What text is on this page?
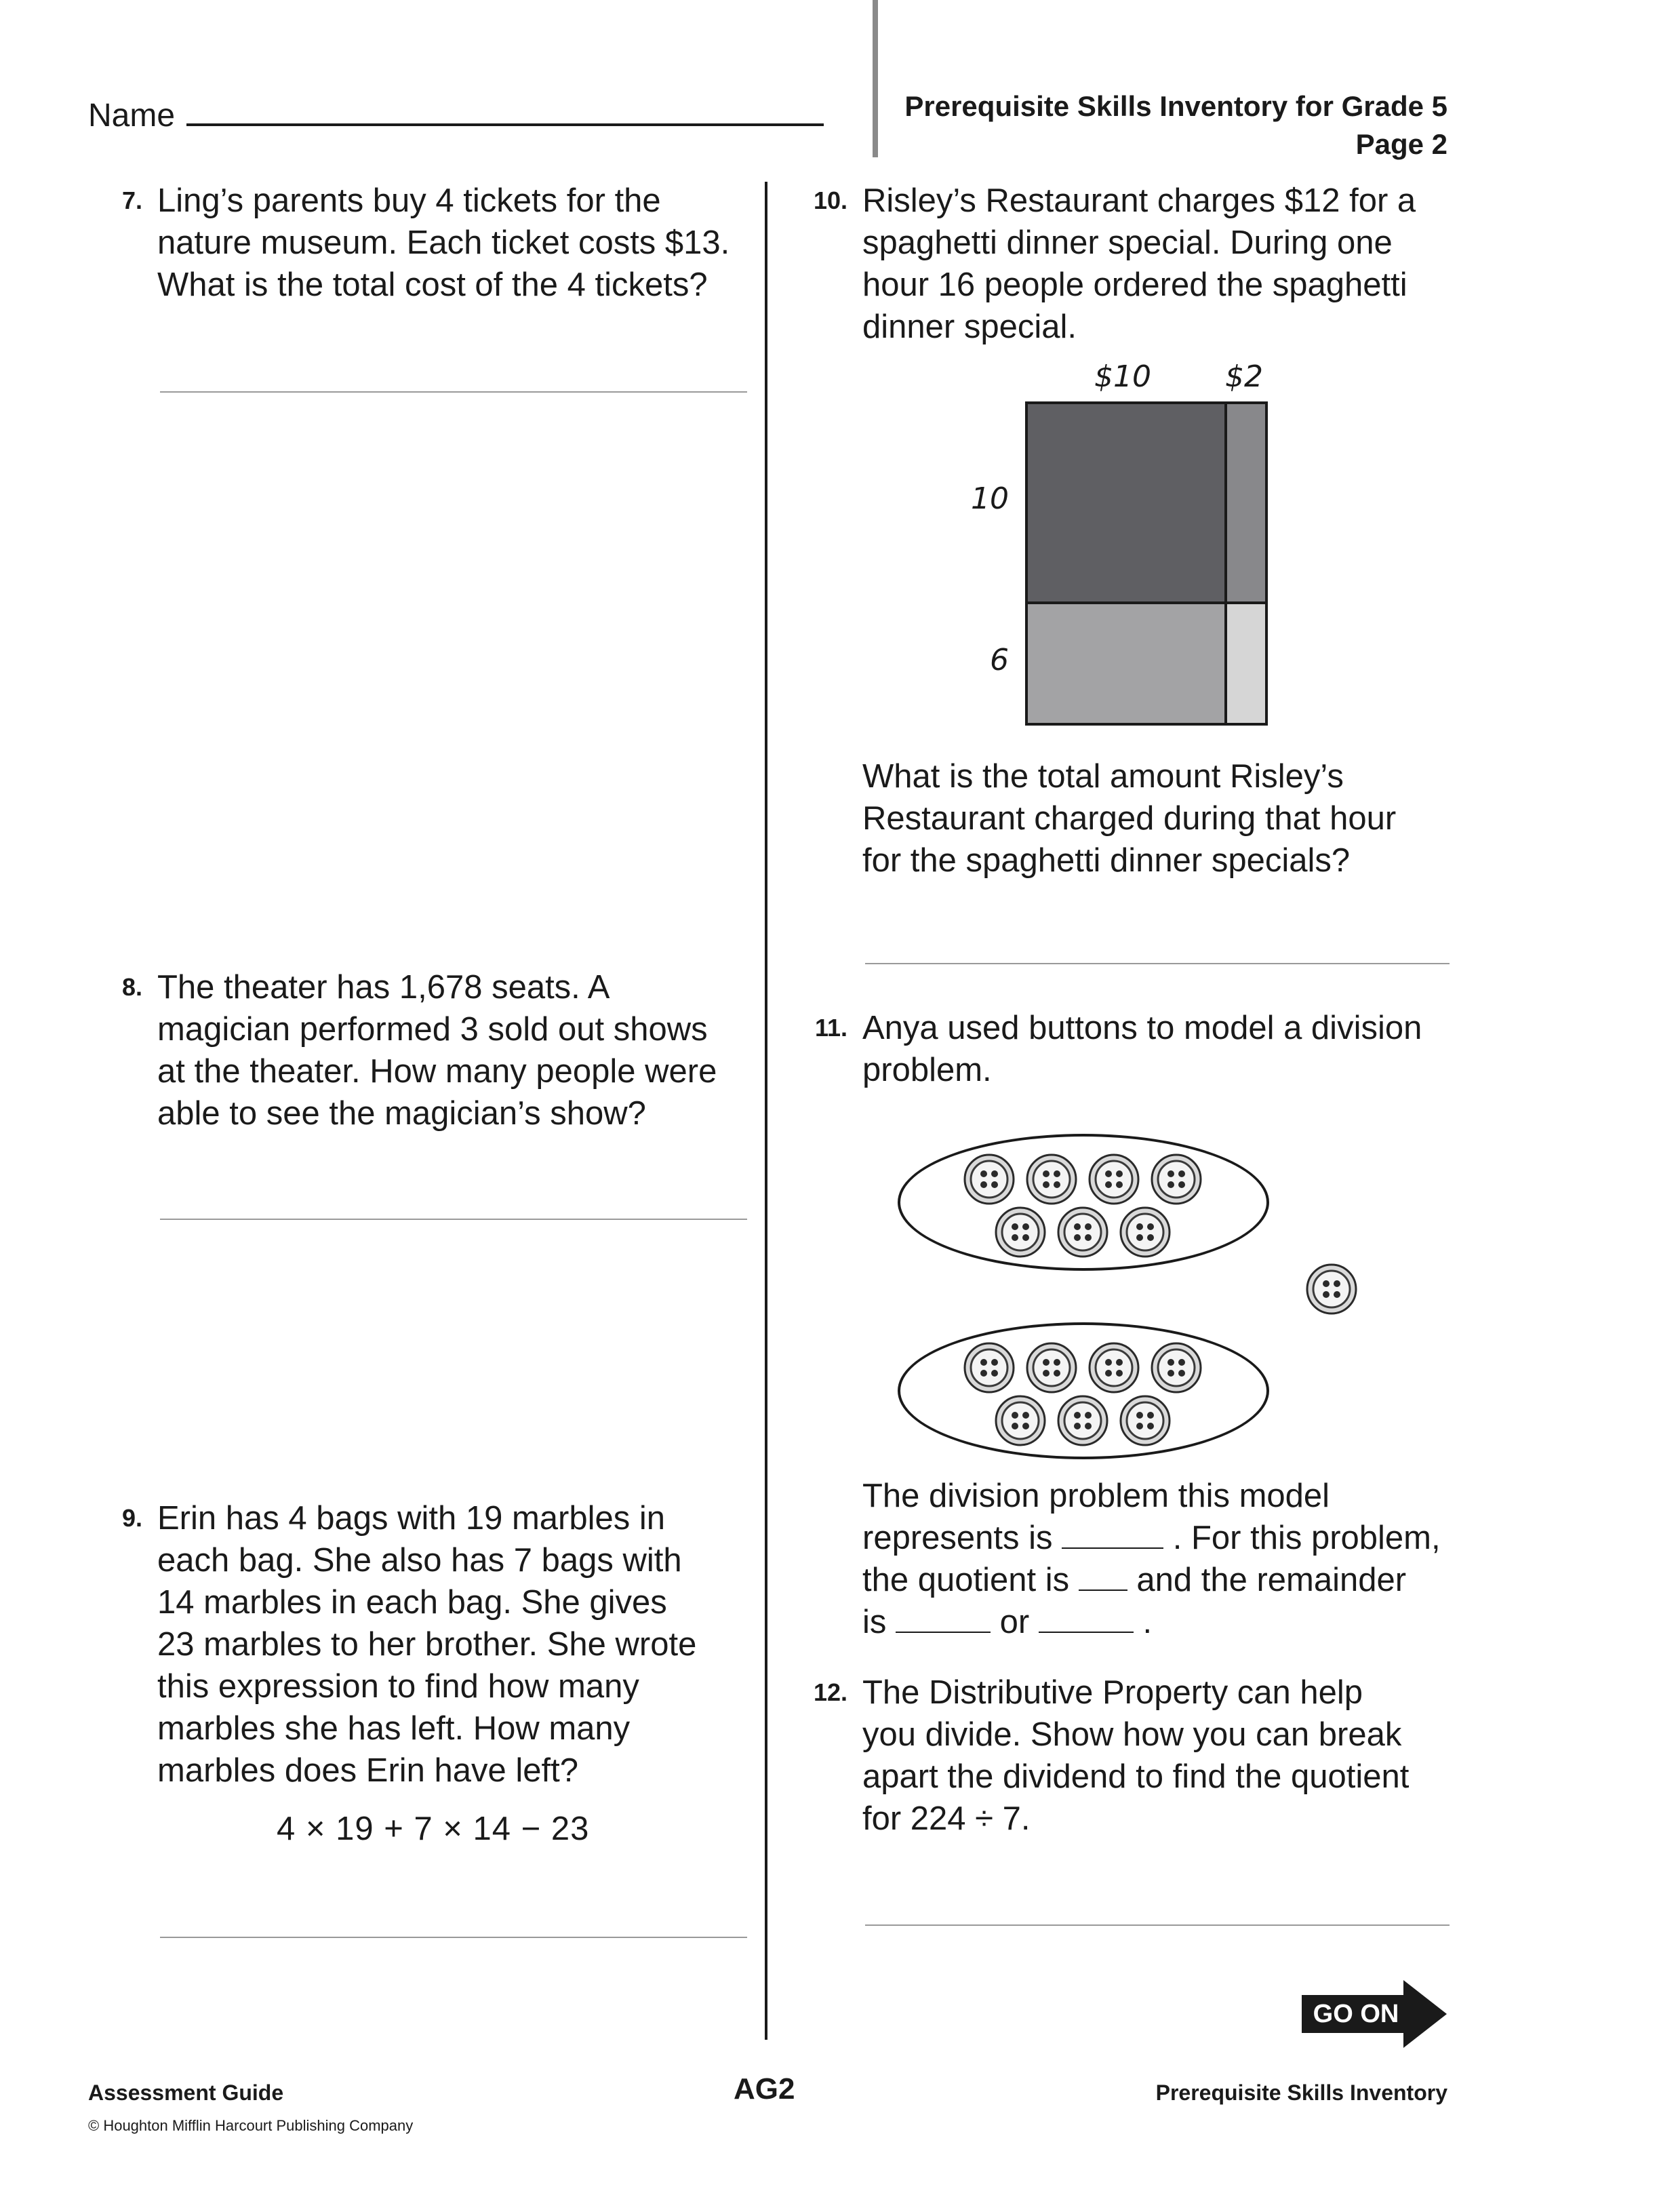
Name	Prerequisite Skills Inventory for Grade 5
Page 2
7. Ling’s parents buy 4 tickets for the
nature museum. Each ticket costs $13.
What is the total cost of the 4 tickets?
8. The theater has 1,678 seats. A
magician performed 3 sold out shows
at the theater. How many people were
able to see the magician’s show?
9. Erin has 4 bags with 19 marbles in
each bag. She also has 7 bags with
14 marbles in each bag. She gives
23 marbles to her brother. She wrote
this expression to find how many
marbles she has left. How many
marbles does Erin have left?
4 × 19 + 7 × 14 − 23
10. Risley’s Restaurant charges $12 for a
spaghetti dinner special. During one
hour 16 people ordered the spaghetti
dinner special.
$10 $2
10
6
What is the total amount Risley’s
Restaurant charged during that hour
for the spaghetti dinner specials?
11. Anya used buttons to model a division
problem.
The division problem this model
represents is	. For this problem,
the quotient is and the remainder
is	or	.
12. The Distributive Property can help
you divide. Show how you can break
apart the dividend to find the quotient
for 224 ÷ 7.
GO ON
Assessment Guide	AG2	Prerequisite Skills Inventory
© Houghton Mifflin Harcourt Publishing Company
